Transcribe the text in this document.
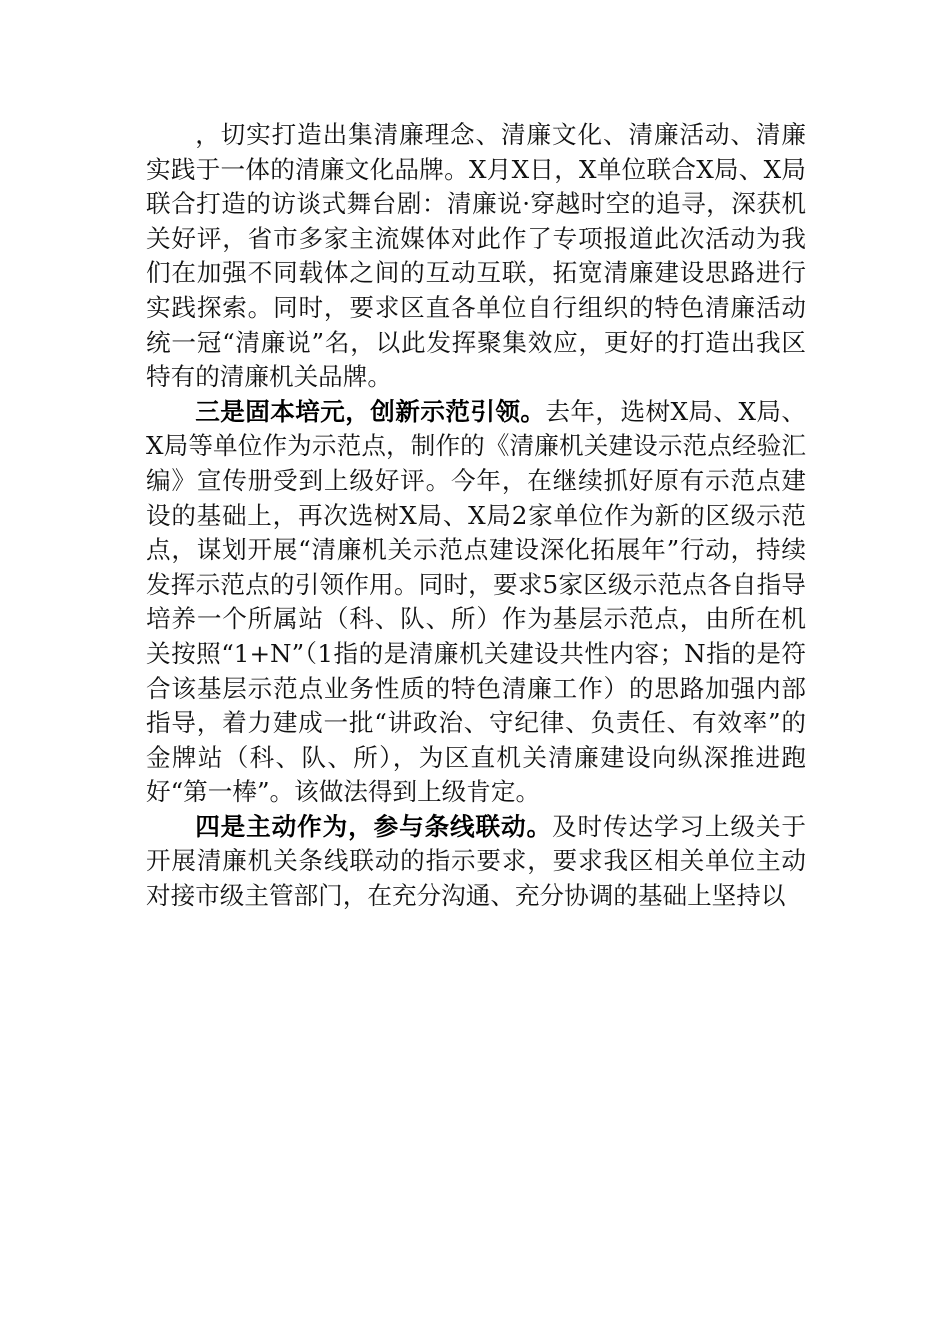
，切实打造出集清廉理念、清廉文化、清廉活动、清廉实践于一体的清廉文化品牌。X月X日，X单位联合X局、X局联合打造的访谈式舞台剧：清廉说·穿越时空的追寻，深获机关好评，省市多家主流媒体对此作了专项报道此次活动为我们在加强不同载体之间的互动互联，拓宽清廉建设思路进行实践探索。同时，要求区直各单位自行组织的特色清廉活动统一冠“清廉说”名，以此发挥聚集效应，更好的打造出我区特有的清廉机关品牌。

三是固本培元，创新示范引领。去年，选树X局、X局、X局等单位作为示范点，制作的《清廉机关建设示范点经验汇编》宣传册受到上级好评。今年，在继续抓好原有示范点建设的基础上，再次选树X局、X局2家单位作为新的区级示范点，谋划开展“清廉机关示范点建设深化拓展年”行动，持续发挥示范点的引领作用。同时，要求5家区级示范点各自指导培养一个所属站（科、队、所）作为基层示范点，由所在机关按照“1+N”（1指的是清廉机关建设共性内容；N指的是符合该基层示范点业务性质的特色清廉工作）的思路加强内部指导，着力建成一批“讲政治、守纪律、负责任、有效率”的金牌站（科、队、所），为区直机关清廉建设向纵深推进跑好“第一棒”。该做法得到上级肯定。

四是主动作为，参与条线联动。及时传达学习上级关于开展清廉机关条线联动的指示要求，要求我区相关单位主动对接市级主管部门，在充分沟通、充分协调的基础上坚持以
